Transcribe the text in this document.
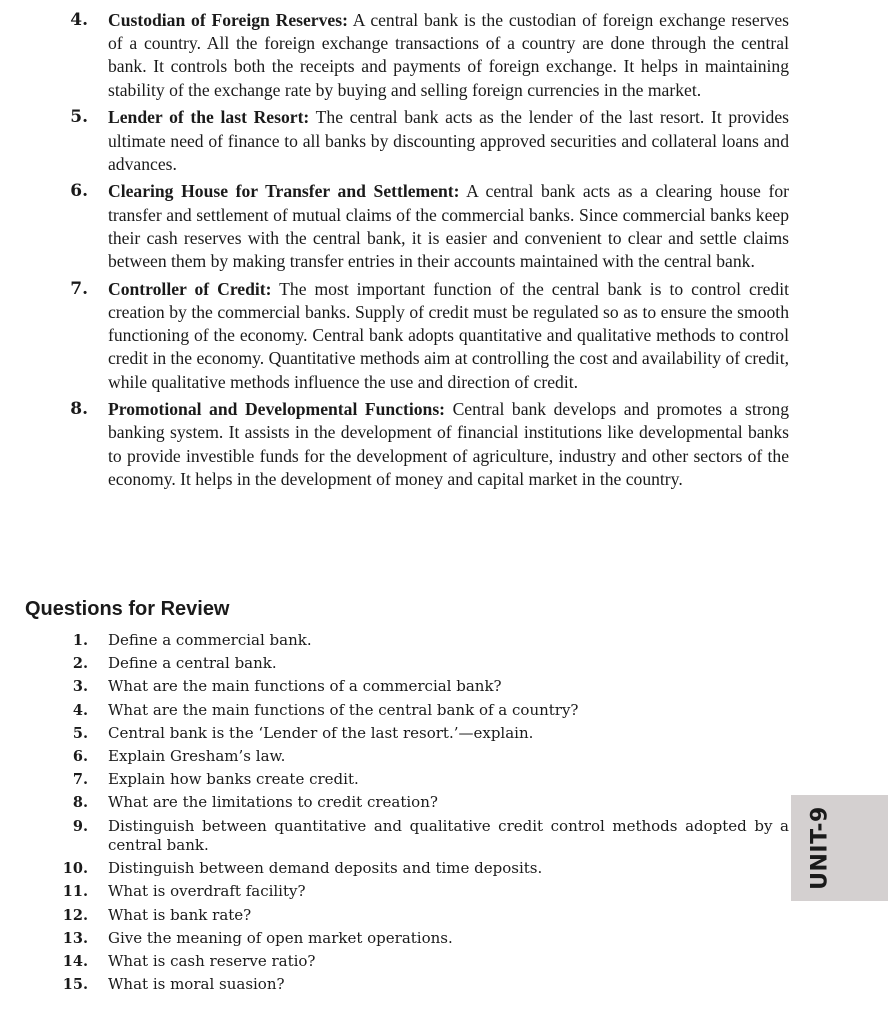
4. Custodian of Foreign Reserves: A central bank is the custodian of foreign exchange reserves of a country. All the foreign exchange transactions of a country are done through the central bank. It controls both the receipts and payments of foreign exchange. It helps in maintaining stability of the exchange rate by buying and selling foreign currencies in the market.
5. Lender of the last Resort: The central bank acts as the lender of the last resort. It provides ultimate need of finance to all banks by discounting approved securities and collateral loans and advances.
6. Clearing House for Transfer and Settlement: A central bank acts as a clearing house for transfer and settlement of mutual claims of the commercial banks. Since commercial banks keep their cash reserves with the central bank, it is easier and convenient to clear and settle claims between them by making transfer entries in their accounts maintained with the central bank.
7. Controller of Credit: The most important function of the central bank is to control credit creation by the commercial banks. Supply of credit must be regulated so as to ensure the smooth functioning of the economy. Central bank adopts quantitative and qualitative methods to control credit in the economy. Quantitative methods aim at controlling the cost and availability of credit, while qualitative methods influence the use and direction of credit.
8. Promotional and Developmental Functions: Central bank develops and promotes a strong banking system. It assists in the development of financial institutions like developmental banks to provide investible funds for the development of agriculture, industry and other sectors of the economy. It helps in the development of money and capital market in the country.
Questions for Review
1. Define a commercial bank.
2. Define a central bank.
3. What are the main functions of a commercial bank?
4. What are the main functions of the central bank of a country?
5. Central bank is the ‘Lender of the last resort.’—explain.
6. Explain Gresham’s law.
7. Explain how banks create credit.
8. What are the limitations to credit creation?
9. Distinguish between quantitative and qualitative credit control methods adopted by a central bank.
10. Distinguish between demand deposits and time deposits.
11. What is overdraft facility?
12. What is bank rate?
13. Give the meaning of open market operations.
14. What is cash reserve ratio?
15. What is moral suasion?
UNIT-9
